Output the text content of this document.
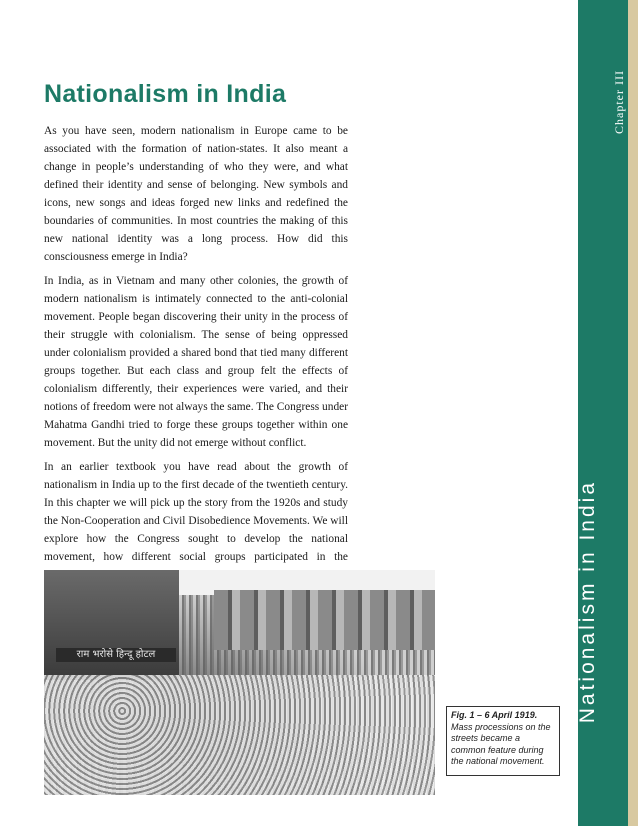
Chapter III
Nationalism in India
Nationalism in India

As you have seen, modern nationalism in Europe came to be associated with the formation of nation-states. It also meant a change in people’s understanding of who they were, and what defined their identity and sense of belonging. New symbols and icons, new songs and ideas forged new links and redefined the boundaries of communities. In most countries the making of this new national identity was a long process. How did this consciousness emerge in India?

In India, as in Vietnam and many other colonies, the growth of modern nationalism is intimately connected to the anti-colonial movement. People began discovering their unity in the process of their struggle with colonialism. The sense of being oppressed under colonialism provided a shared bond that tied many different groups together. But each class and group felt the effects of colonialism differently, their experiences were varied, and their notions of freedom were not always the same. The Congress under Mahatma Gandhi tried to forge these groups together within one movement. But the unity did not emerge without conflict.

In an earlier textbook you have read about the growth of nationalism in India up to the first decade of the twentieth century. In this chapter we will pick up the story from the 1920s and study the Non-Cooperation and Civil Disobedience Movements. We will explore how the Congress sought to develop the national movement, how different social groups participated in the

राम भरोसे हिन्दू होटल
Fig. 1 – 6 April 1919.
Mass processions on the streets became a common feature during the national movement.
